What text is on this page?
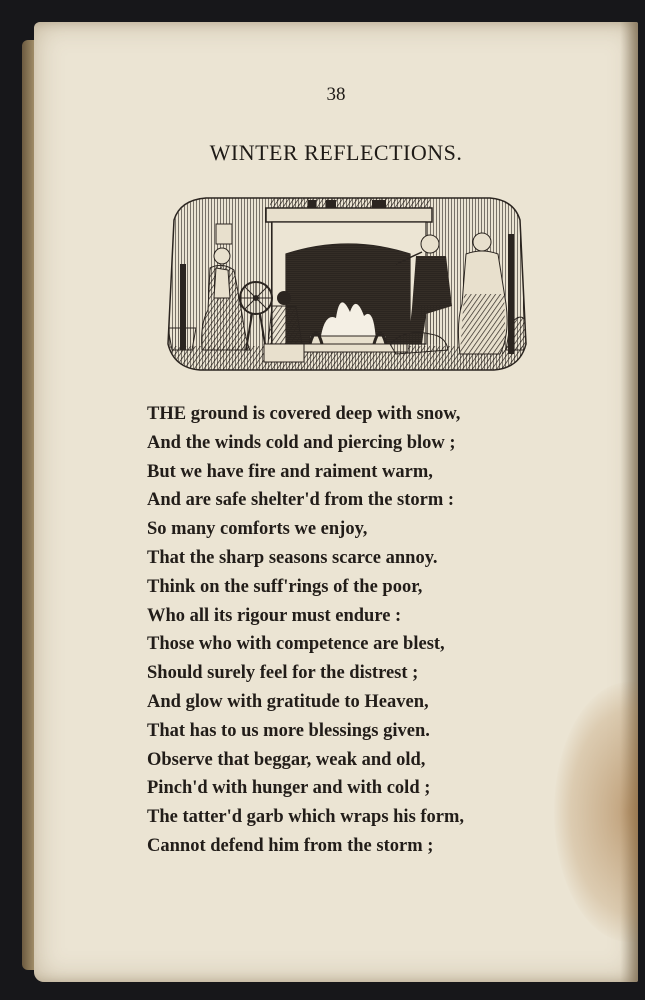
38
WINTER REFLECTIONS.
THE ground is covered deep with snow,
And the winds cold and piercing blow ;
But we have fire and raiment warm,
And are safe shelter'd from the storm :
So many comforts we enjoy,
That the sharp seasons scarce annoy.
Think on the suff'rings of the poor,
Who all its rigour must endure :
Those who with competence are blest,
Should surely feel for the distrest ;
And glow with gratitude to Heaven,
That has to us more blessings given.
Observe that beggar, weak and old,
Pinch'd with hunger and with cold ;
The tatter'd garb which wraps his form,
Cannot defend him from the storm ;
